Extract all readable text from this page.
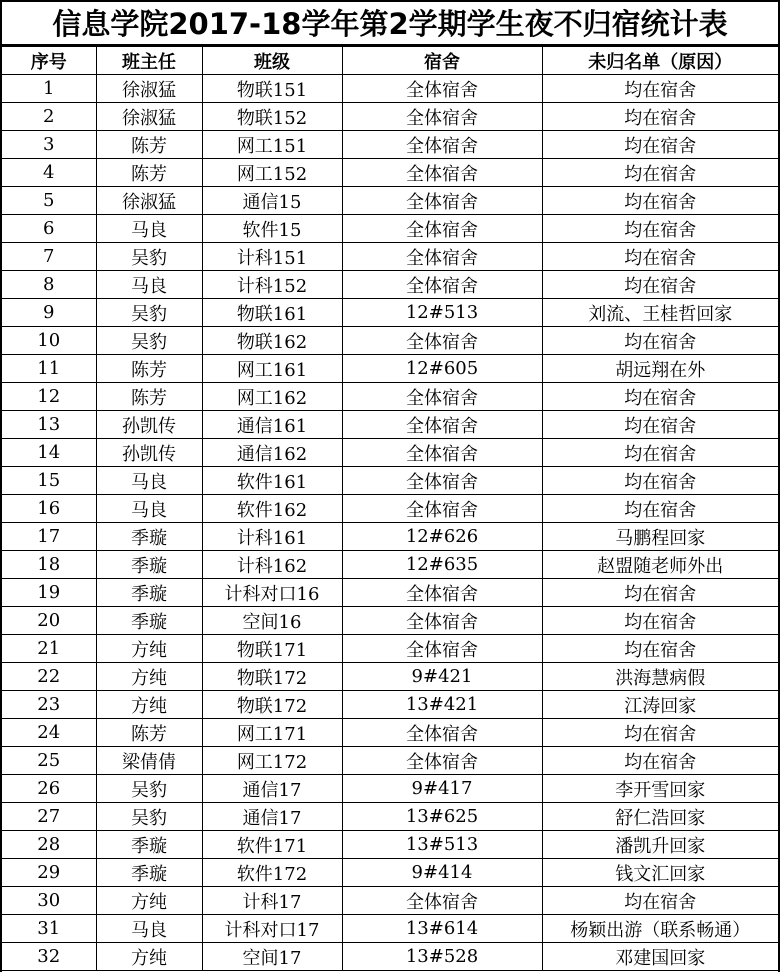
信息学院2017-18学年第2学期学生夜不归宿统计表
序号	班主任	班级	宿舍	未归名单（原因）
1	徐淑猛	物联151	全体宿舍	均在宿舍
2	徐淑猛	物联152	全体宿舍	均在宿舍
3	陈芳	网工151	全体宿舍	均在宿舍
4	陈芳	网工152	全体宿舍	均在宿舍
5	徐淑猛	通信15	全体宿舍	均在宿舍
6	马良	软件15	全体宿舍	均在宿舍
7	吴豹	计科151	全体宿舍	均在宿舍
8	马良	计科152	全体宿舍	均在宿舍
9	吴豹	物联161	12#513	刘流、王桂哲回家
10	吴豹	物联162	全体宿舍	均在宿舍
11	陈芳	网工161	12#605	胡远翔在外
12	陈芳	网工162	全体宿舍	均在宿舍
13	孙凯传	通信161	全体宿舍	均在宿舍
14	孙凯传	通信162	全体宿舍	均在宿舍
15	马良	软件161	全体宿舍	均在宿舍
16	马良	软件162	全体宿舍	均在宿舍
17	季璇	计科161	12#626	马鹏程回家
18	季璇	计科162	12#635	赵盟随老师外出
19	季璇	计科对口16	全体宿舍	均在宿舍
20	季璇	空间16	全体宿舍	均在宿舍
21	方纯	物联171	全体宿舍	均在宿舍
22	方纯	物联172	9#421	洪海慧病假
23	方纯	物联172	13#421	江涛回家
24	陈芳	网工171	全体宿舍	均在宿舍
25	梁倩倩	网工172	全体宿舍	均在宿舍
26	吴豹	通信17	9#417	李开雪回家
27	吴豹	通信17	13#625	舒仁浩回家
28	季璇	软件171	13#513	潘凯升回家
29	季璇	软件172	9#414	钱文汇回家
30	方纯	计科17	全体宿舍	均在宿舍
31	马良	计科对口17	13#614	杨颖出游（联系畅通）
32	方纯	空间17	13#528	邓建国回家
